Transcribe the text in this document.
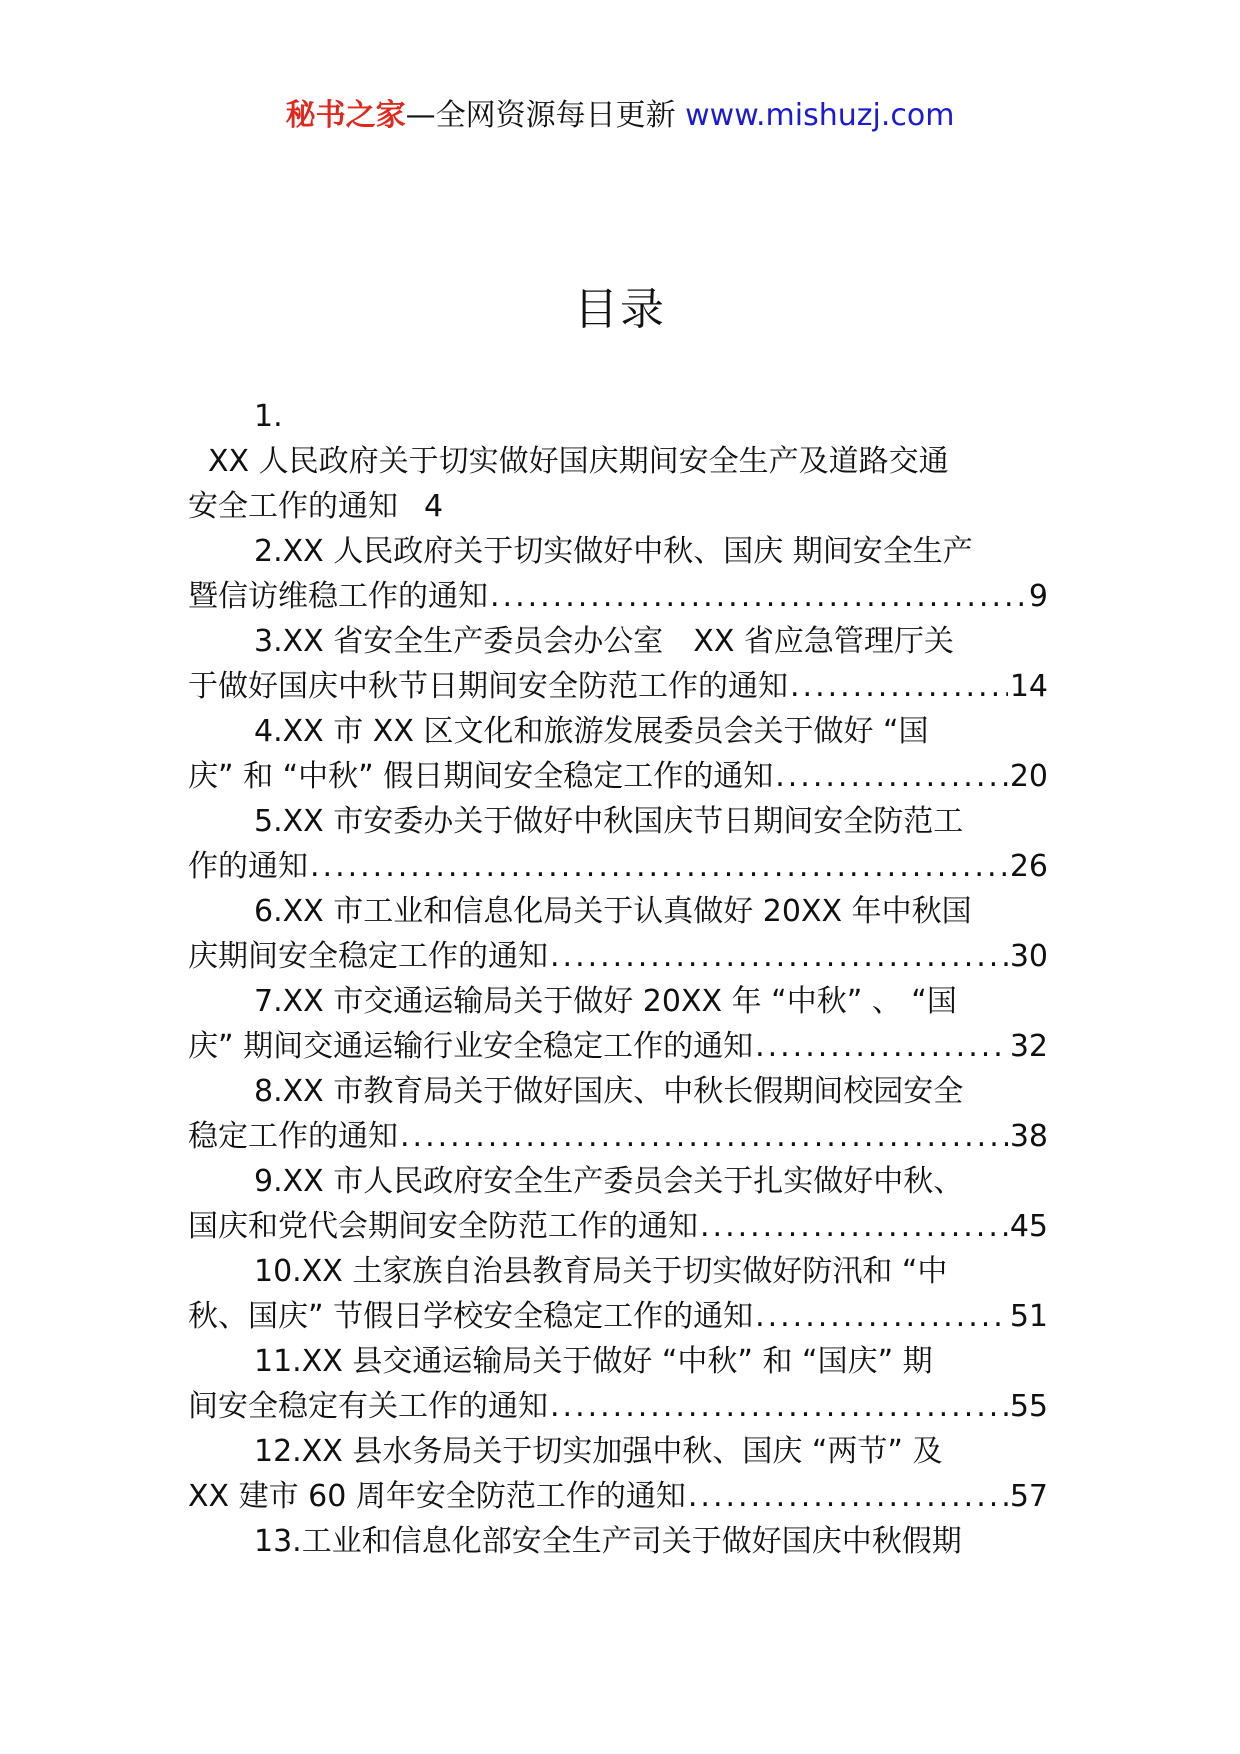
秘书之家—全网资源每日更新 www.mishuzj.com
目录
1.
XX 人民政府关于切实做好国庆期间安全生产及道路交通
安全工作的通知 4
2.XX 人民政府关于切实做好中秋、国庆 期间安全生产
暨信访维稳工作的通知 .....	9
3.XX 省安全生产委员会办公室　XX 省应急管理厅关
于做好国庆中秋节日期间安全防范工作的通知 .....	14
4.XX 市 XX 区文化和旅游发展委员会关于做好 “国
庆” 和 “中秋” 假日期间安全稳定工作的通知 .....	20
5.XX 市安委办关于做好中秋国庆节日期间安全防范工
作的通知 .....	26
6.XX 市工业和信息化局关于认真做好 20XX 年中秋国
庆期间安全稳定工作的通知 .....	30
7.XX 市交通运输局关于做好 20XX 年 “中秋” 、 “国
庆” 期间交通运输行业安全稳定工作的通知 .....	32
8.XX 市教育局关于做好国庆、中秋长假期间校园安全
稳定工作的通知 .....	38
9.XX 市人民政府安全生产委员会关于扎实做好中秋、
国庆和党代会期间安全防范工作的通知 .....	45
10.XX 土家族自治县教育局关于切实做好防汛和 “中
秋、国庆” 节假日学校安全稳定工作的通知 .....	51
11.XX 县交通运输局关于做好 “中秋” 和 “国庆” 期
间安全稳定有关工作的通知 .....	55
12.XX 县水务局关于切实加强中秋、国庆 “两节” 及
XX 建市 60 周年安全防范工作的通知 .....	57
13.工业和信息化部安全生产司关于做好国庆中秋假期
